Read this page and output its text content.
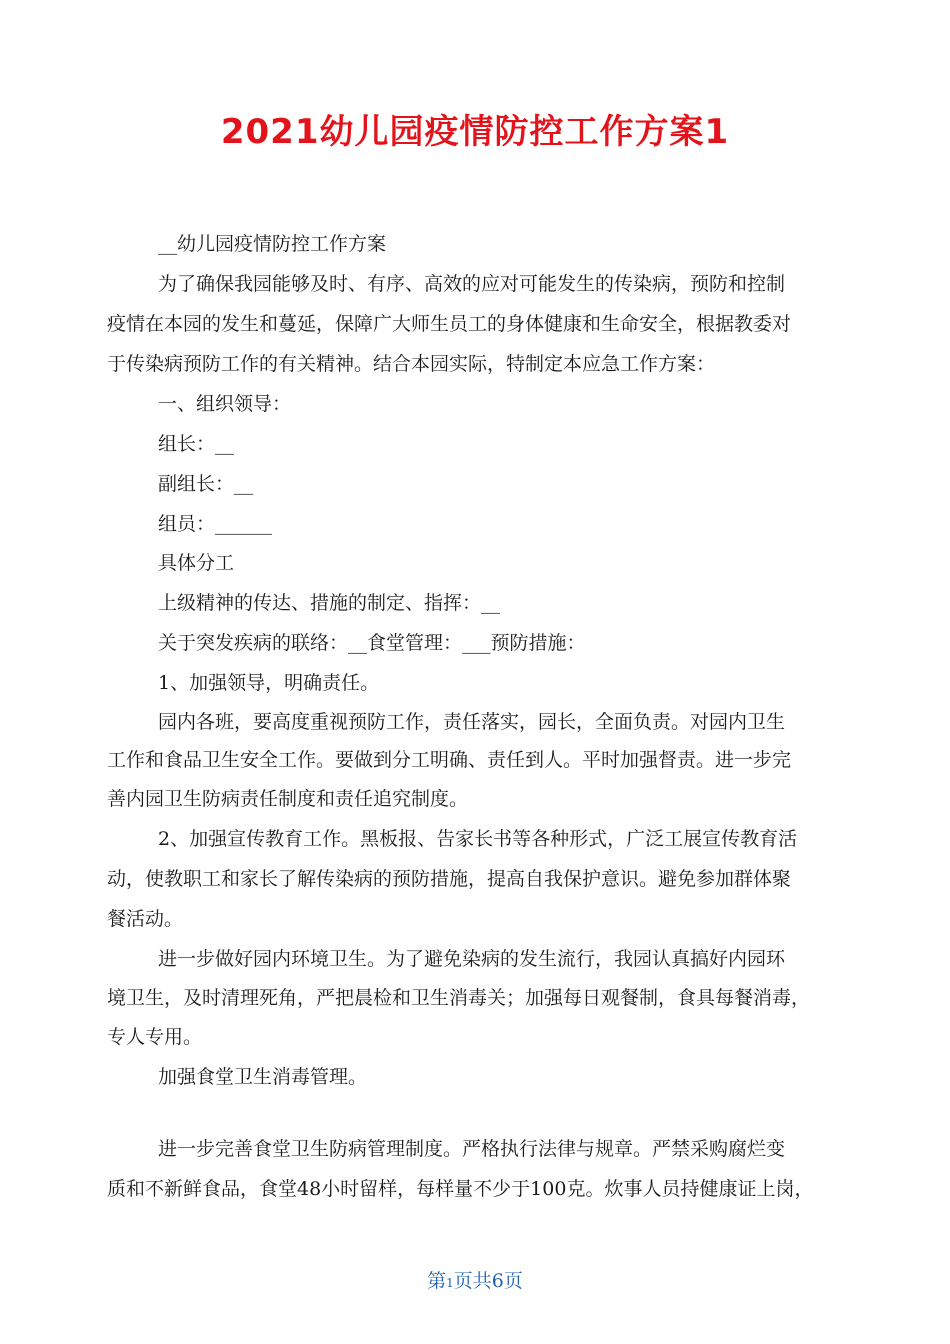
2021幼儿园疫情防控工作方案1

__幼儿园疫情防控工作方案

为了确保我园能够及时、有序、高效的应对可能发生的传染病，预防和控制

疫情在本园的发生和蔓延，保障广大师生员工的身体健康和生命安全，根据教委对

于传染病预防工作的有关精神。结合本园实际，特制定本应急工作方案：

一、组织领导：

组长：__

副组长：__

组员：______

具体分工

上级精神的传达、措施的制定、指挥：__

关于突发疾病的联络：__食堂管理：___预防措施：

1、加强领导，明确责任。

园内各班，要高度重视预防工作，责任落实，园长，全面负责。对园内卫生

工作和食品卫生安全工作。要做到分工明确、责任到人。平时加强督责。进一步完

善内园卫生防病责任制度和责任追究制度。

2、加强宣传教育工作。黑板报、告家长书等各种形式，广泛工展宣传教育活

动，使教职工和家长了解传染病的预防措施，提高自我保护意识。避免参加群体聚

餐活动。

进一步做好园内环境卫生。为了避免染病的发生流行，我园认真搞好内园环

境卫生，及时清理死角，严把晨检和卫生消毒关；加强每日观餐制，食具每餐消毒，

专人专用。

加强食堂卫生消毒管理。

进一步完善食堂卫生防病管理制度。严格执行法律与规章。严禁采购腐烂变

质和不新鲜食品，食堂48小时留样，每样量不少于100克。炊事人员持健康证上岗，

第1页共6页
